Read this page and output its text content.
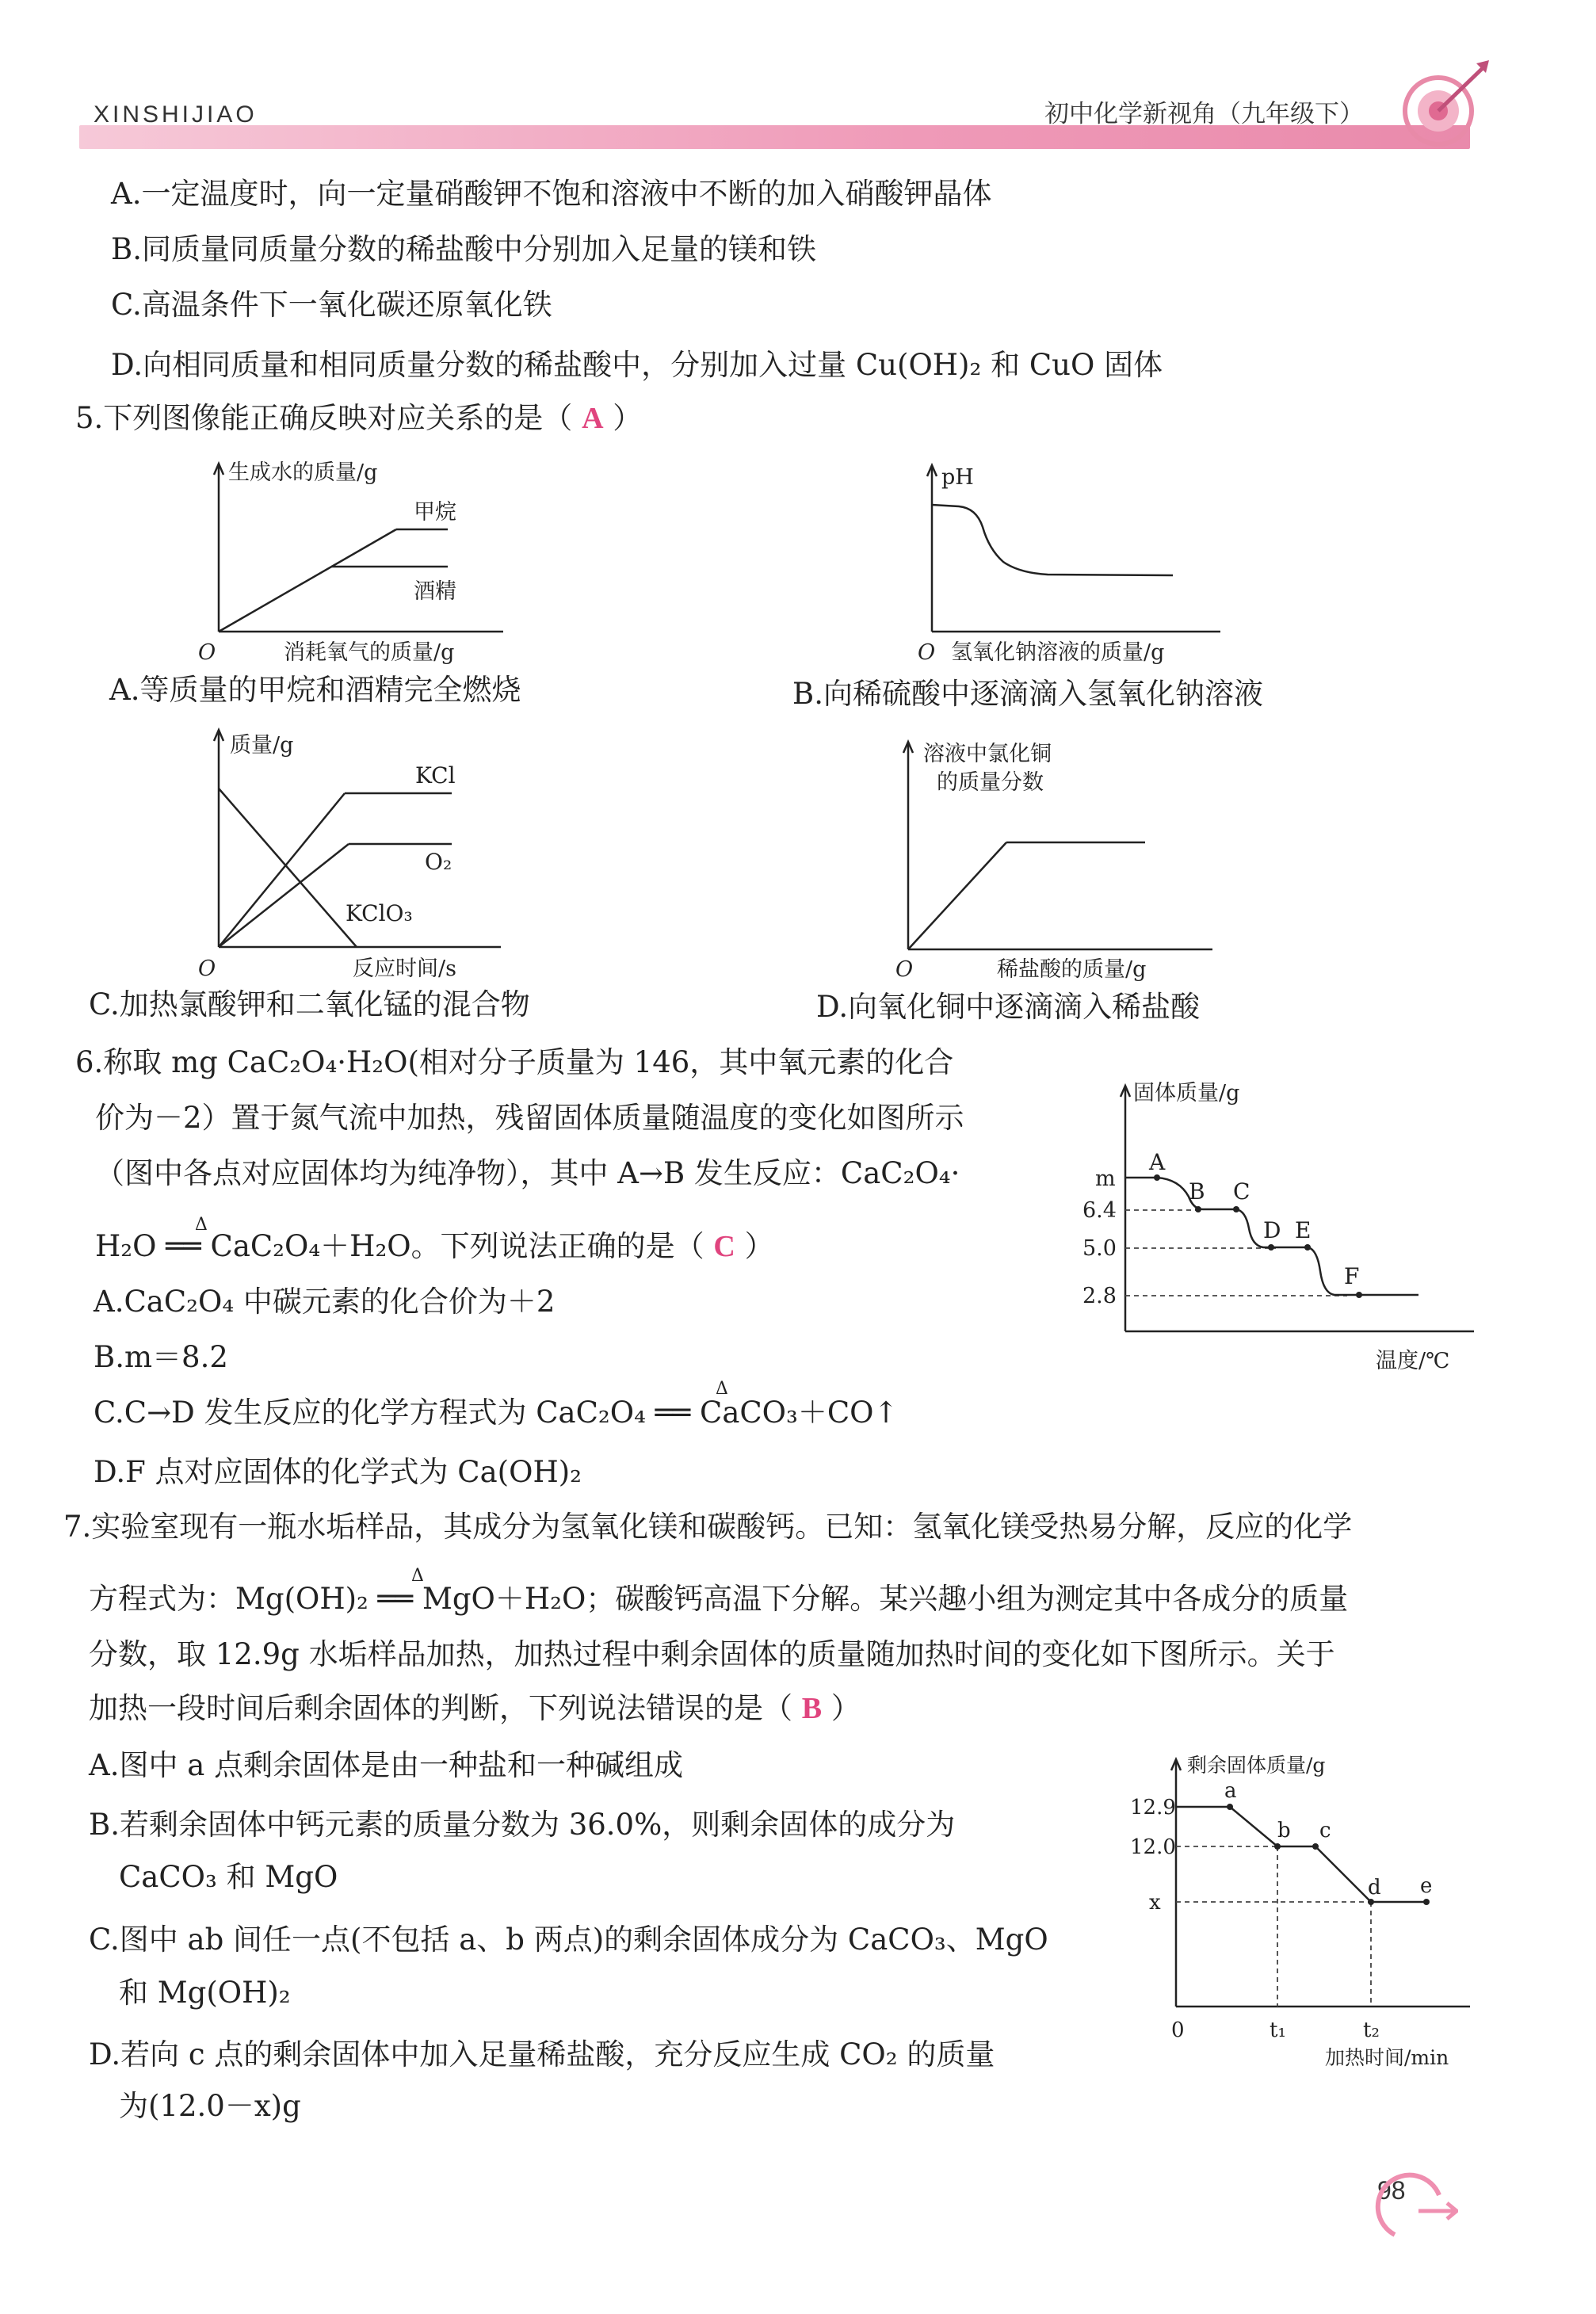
XINSHIJIAO	初中化学新视角（九年级下）
A.一定温度时，向一定量硝酸钾不饱和溶液中不断的加入硝酸钾晶体
B.同质量同质量分数的稀盐酸中分别加入足量的镁和铁
C.高温条件下一氧化碳还原氧化铁
D.向相同质量和相同质量分数的稀盐酸中，分别加入过量 Cu(OH)₂ 和 CuO 固体
5.下列图像能正确反映对应关系的是（ A ）
生成水的质量/g
甲烷
酒精
O	消耗氧气的质量/g
A.等质量的甲烷和酒精完全燃烧
pH
O 氢氧化钠溶液的质量/g
B.向稀硫酸中逐滴滴入氢氧化钠溶液
质量/g
KCl
O₂
KClO₃
O	反应时间/s
C.加热氯酸钾和二氧化锰的混合物
溶液中氯化铜
的质量分数
O	稀盐酸的质量/g
D.向氧化铜中逐滴滴入稀盐酸
6.称取 mg CaC₂O₄·H₂O(相对分子质量为 146，其中氧元素的化合
价为－2）置于氮气流中加热，残留固体质量随温度的变化如图所示
（图中各点对应固体均为纯净物），其中 A→B 发生反应：CaC₂O₄·
H₂O ══ CaC₂O₄＋H₂O。下列说法正确的是（ C ）
Δ
A.CaC₂O₄ 中碳元素的化合价为＋2
B.m＝8.2
C.C→D 发生反应的化学方程式为 CaC₂O₄ ══ CaCO₃＋CO↑
Δ
D.F 点对应固体的化学式为 Ca(OH)₂
固体质量/g
m
6.4
5.0
2.8
A
B C
D E
F
温度/℃
7.实验室现有一瓶水垢样品，其成分为氢氧化镁和碳酸钙。已知：氢氧化镁受热易分解，反应的化学
方程式为：Mg(OH)₂ ══ MgO＋H₂O；碳酸钙高温下分解。某兴趣小组为测定其中各成分的质量
Δ
分数，取 12.9g 水垢样品加热，加热过程中剩余固体的质量随加热时间的变化如下图所示。关于
加热一段时间后剩余固体的判断，下列说法错误的是（ B ）
A.图中 a 点剩余固体是由一种盐和一种碱组成
B.若剩余固体中钙元素的质量分数为 36.0%，则剩余固体的成分为
CaCO₃ 和 MgO
C.图中 ab 间任一点(不包括 a、b 两点)的剩余固体成分为 CaCO₃、MgO
和 Mg(OH)₂
D.若向 c 点的剩余固体中加入足量稀盐酸，充分反应生成 CO₂ 的质量
为(12.0－x)g
剩余固体质量/g
12.9
12.0
x
a
b c
d e
0	t₁	t₂
加热时间/min
98
